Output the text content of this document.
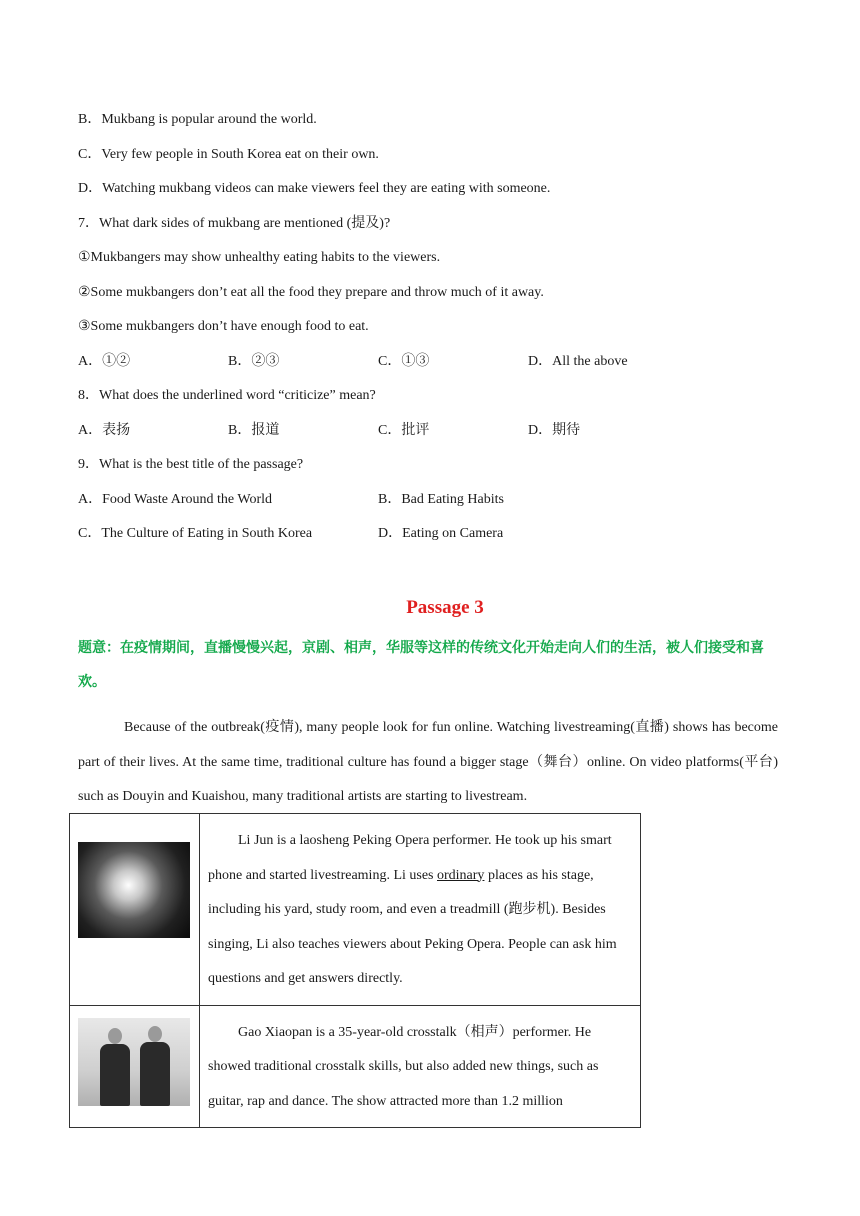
B．Mukbang is popular around the world.
C．Very few people in South Korea eat on their own.
D．Watching mukbang videos can make viewers feel they are eating with someone.
7．What dark sides of mukbang are mentioned (提及)?
①Mukbangers may show unhealthy eating habits to the viewers.
②Some mukbangers don’t eat all the food they prepare and throw much of it away.
③Some mukbangers don’t have enough food to eat.
A．①②	B．②③	C．①③	D．All the above
8．What does the underlined word “criticize” mean?
A．表扬	B．报道	C．批评	D．期待
9．What is the best title of the passage?
A．Food Waste Around the World	B．Bad Eating Habits
C．The Culture of Eating in South Korea	D．Eating on Camera
Passage 3
题意：在疫情期间，直播慢慢兴起，京剧、相声，华服等这样的传统文化开始走向人们的生活，被人们接受和喜欢。
Because of the outbreak(疫情), many people look for fun online. Watching livestreaming(直播) shows has become part of their lives. At the same time, traditional culture has found a bigger stage（舞台）online. On video platforms(平台) such as Douyin and Kuaishou, many traditional artists are starting to livestream.
	Li Jun is a laosheng Peking Opera performer. He took up his smart phone and started livestreaming. Li uses ordinary places as his stage, including his yard, study room, and even a treadmill (跑步机). Besides singing, Li also teaches viewers about Peking Opera. People can ask him questions and get answers directly.

	Gao Xiaopan is a 35-year-old crosstalk（相声）performer. He showed traditional crosstalk skills, but also added new things, such as guitar, rap and dance. The show attracted more than 1.2 million
